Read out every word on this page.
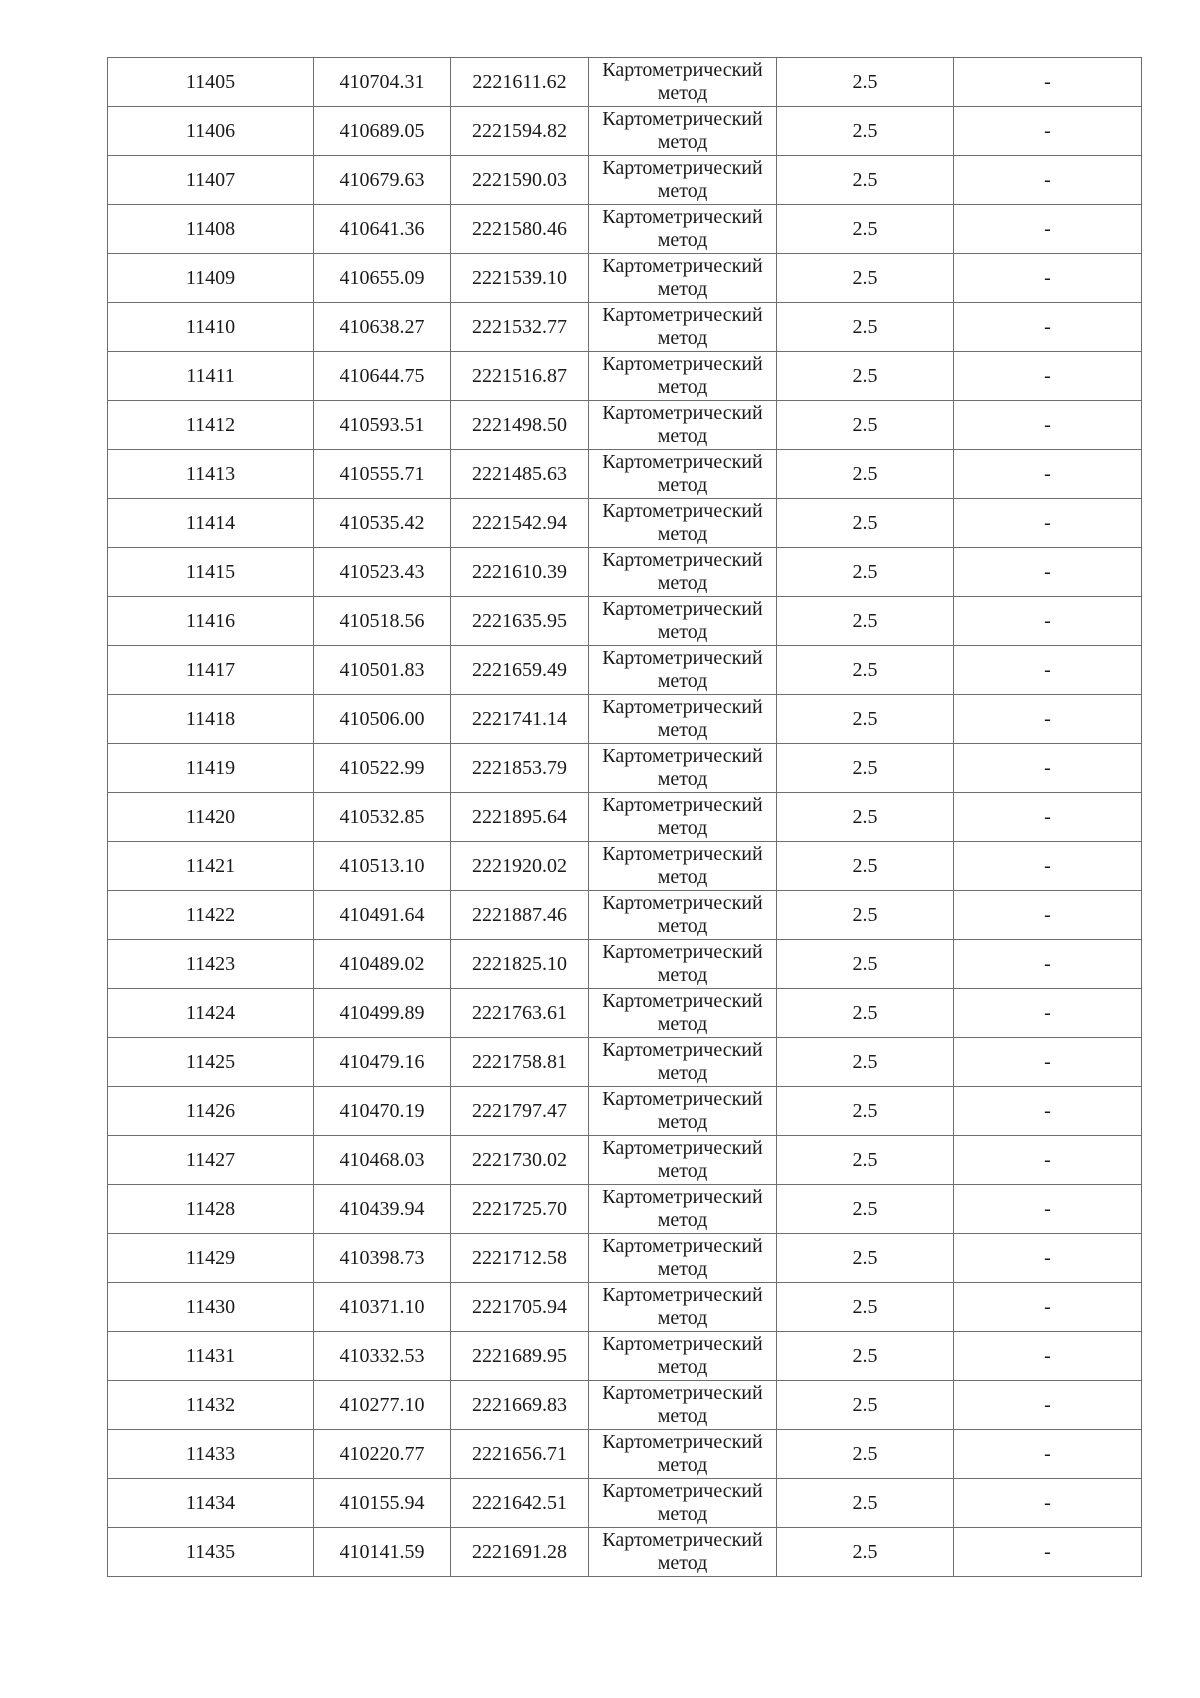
11405	410704.31	2221611.62	Картометрический
метод	2.5	-
11406	410689.05	2221594.82	Картометрический
метод	2.5	-
11407	410679.63	2221590.03	Картометрический
метод	2.5	-
11408	410641.36	2221580.46	Картометрический
метод	2.5	-
11409	410655.09	2221539.10	Картометрический
метод	2.5	-
11410	410638.27	2221532.77	Картометрический
метод	2.5	-
11411	410644.75	2221516.87	Картометрический
метод	2.5	-
11412	410593.51	2221498.50	Картометрический
метод	2.5	-
11413	410555.71	2221485.63	Картометрический
метод	2.5	-
11414	410535.42	2221542.94	Картометрический
метод	2.5	-
11415	410523.43	2221610.39	Картометрический
метод	2.5	-
11416	410518.56	2221635.95	Картометрический
метод	2.5	-
11417	410501.83	2221659.49	Картометрический
метод	2.5	-
11418	410506.00	2221741.14	Картометрический
метод	2.5	-
11419	410522.99	2221853.79	Картометрический
метод	2.5	-
11420	410532.85	2221895.64	Картометрический
метод	2.5	-
11421	410513.10	2221920.02	Картометрический
метод	2.5	-
11422	410491.64	2221887.46	Картометрический
метод	2.5	-
11423	410489.02	2221825.10	Картометрический
метод	2.5	-
11424	410499.89	2221763.61	Картометрический
метод	2.5	-
11425	410479.16	2221758.81	Картометрический
метод	2.5	-
11426	410470.19	2221797.47	Картометрический
метод	2.5	-
11427	410468.03	2221730.02	Картометрический
метод	2.5	-
11428	410439.94	2221725.70	Картометрический
метод	2.5	-
11429	410398.73	2221712.58	Картометрический
метод	2.5	-
11430	410371.10	2221705.94	Картометрический
метод	2.5	-
11431	410332.53	2221689.95	Картометрический
метод	2.5	-
11432	410277.10	2221669.83	Картометрический
метод	2.5	-
11433	410220.77	2221656.71	Картометрический
метод	2.5	-
11434	410155.94	2221642.51	Картометрический
метод	2.5	-
11435	410141.59	2221691.28	Картометрический
метод	2.5	-
